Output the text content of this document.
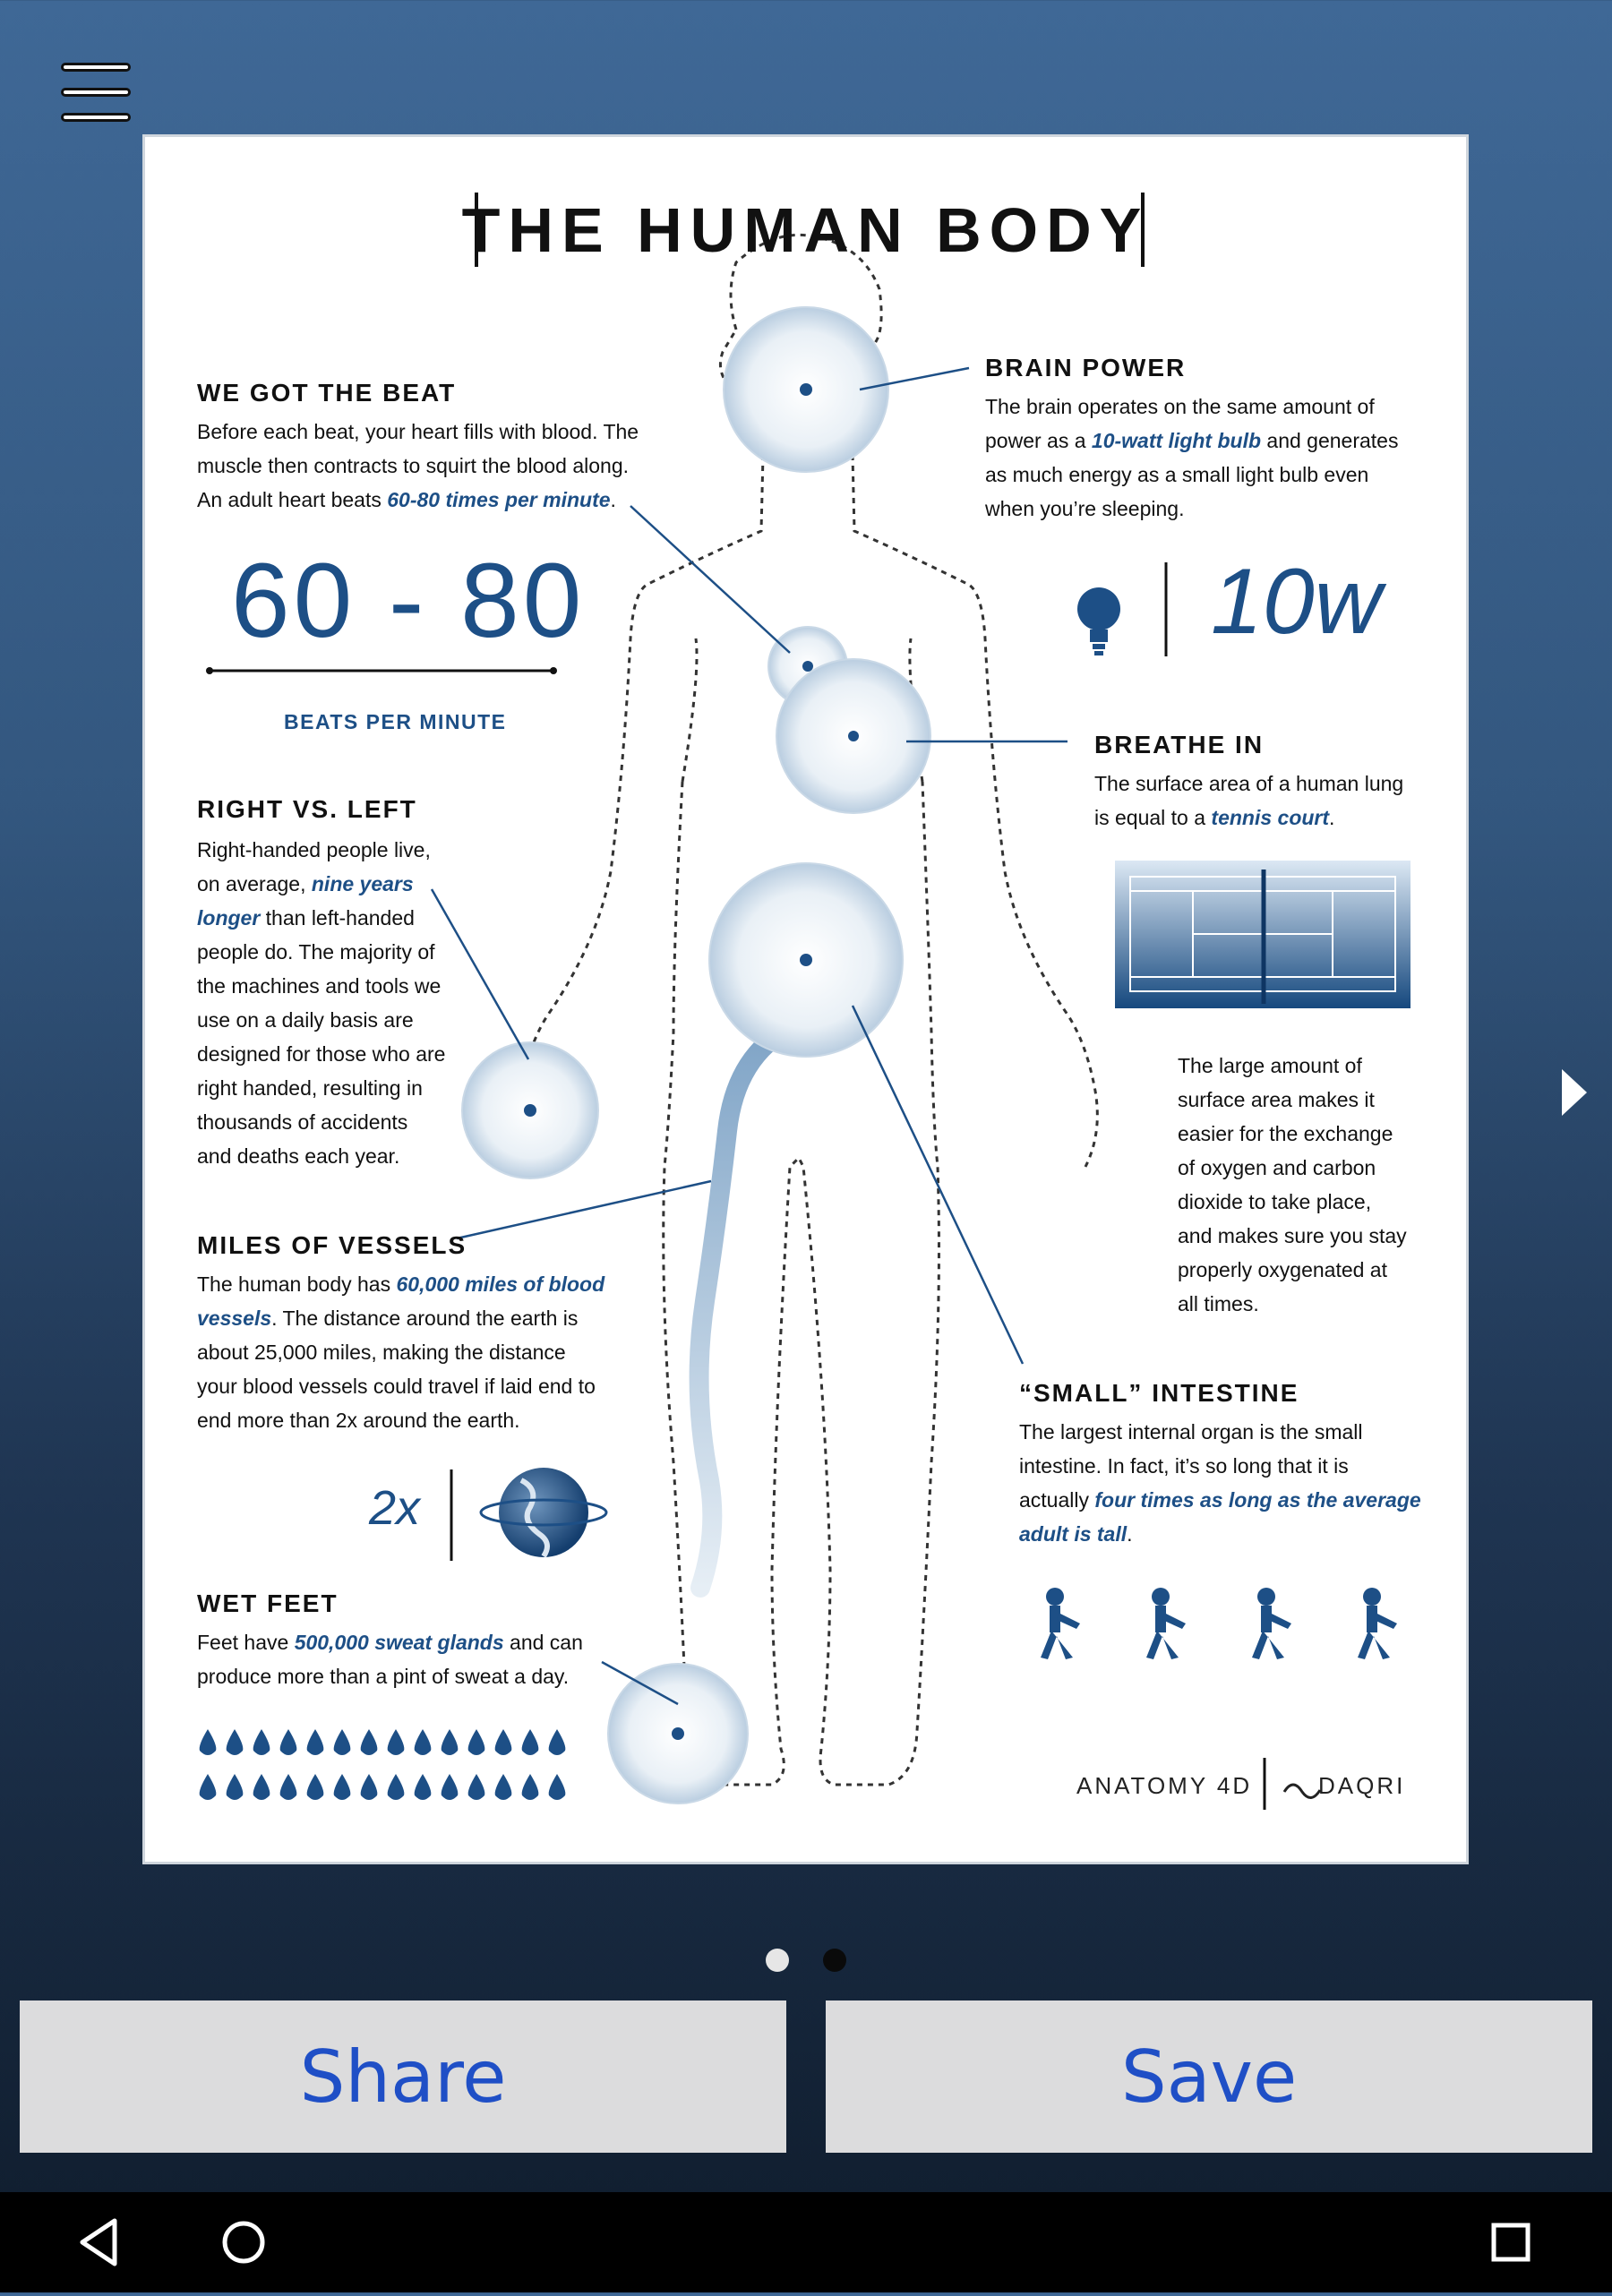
THE HUMAN BODY
WE GOT THE BEAT
Before each beat, your heart fills with blood. The
muscle then contracts to squirt the blood along.
An adult heart beats 60-80 times per minute.
60 - 80
BEATS PER MINUTE
BRAIN POWER
The brain operates on the same amount of
power as a 10-watt light bulb and generates
as much energy as a small light bulb even
when you’re sleeping.
10w
BREATHE IN
The surface area of a human lung
is equal to a tennis court.
The large amount of
surface area makes it
easier for the exchange
of oxygen and carbon
dioxide to take place,
and makes sure you stay
properly oxygenated at
all times.
RIGHT VS. LEFT
Right-handed people live,
on average, nine years
longer than left-handed
people do. The majority of
the machines and tools we
use on a daily basis are
designed for those who are
right handed, resulting in
thousands of accidents
and deaths each year.
MILES OF VESSELS
The human body has 60,000 miles of blood
vessels. The distance around the earth is
about 25,000 miles, making the distance
your blood vessels could travel if laid end to
end more than 2x around the earth.
2x
“SMALL” INTESTINE
The largest internal organ is the small
intestine. In fact, it’s so long that it is
actually four times as long as the average
adult is tall.
WET FEET
Feet have 500,000 sweat glands and can
produce more than a pint of sweat a day.
ANATOMY 4D	DAQRI
Share	Save
